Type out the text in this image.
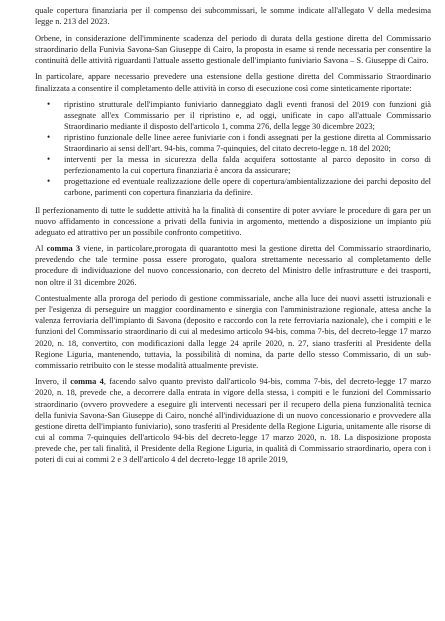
quale copertura finanziaria per il compenso dei subcommissari, le somme indicate all'allegato V della medesima legge n. 213 del 2023.

Orbene, in considerazione dell'imminente scadenza del periodo di durata della gestione diretta del Commissario straordinario della Funivia Savona-San Giuseppe di Cairo, la proposta in esame si rende necessaria per consentire la continuità delle attività riguardanti l'attuale assetto gestionale dell'impianto funiviario Savona – S. Giuseppe di Cairo.

In particolare, appare necessario prevedere una estensione della gestione diretta del Commissario Straordinario finalizzata a consentire il completamento delle attività in corso di esecuzione così come sinteticamente riportate:

• ripristino strutturale dell'impianto funiviario danneggiato dagli eventi franosi del 2019 con funzioni già assegnate all'ex Commissario per il ripristino e, ad oggi, unificate in capo all'attuale Commissario Straordinario mediante il disposto dell'articolo 1, comma 276, della legge 30 dicembre 2023;
• ripristino funzionale delle linee aeree funiviarie con i fondi assegnati per la gestione diretta al Commissario Straordinario ai sensi dell'art. 94-bis, comma 7-quinquies, del citato decreto-legge n. 18 del 2020;
• interventi per la messa in sicurezza della falda acquifera sottostante al parco deposito in corso di perfezionamento la cui copertura finanziaria è ancora da assicurare;
• progettazione ed eventuale realizzazione delle opere di copertura/ambientalizzazione dei parchi deposito del carbone, parimenti con copertura finanziaria da definire.

Il perfezionamento di tutte le suddette attività ha la finalità di consentire di poter avviare le procedure di gara per un nuovo affidamento in concessione a privati della funivia in argomento, mettendo a disposizione un impianto più adeguato ed attrattivo per un possibile confronto competitivo.

Al comma 3 viene, in particolare,prorogata di quarantotto mesi la gestione diretta del Commissario straordinario, prevedendo che tale termine possa essere prorogato, qualora strettamente necessario al completamento delle procedure di individuazione del nuovo concessionario, con decreto del Ministro delle infrastrutture e dei trasporti, non oltre il 31 dicembre 2026.

Contestualmente alla proroga del periodo di gestione commissariale, anche alla luce dei nuovi assetti istruzionali e per l'esigenza di perseguire un maggior coordinamento e sinergia con l'amministrazione regionale, attesa anche la valenza ferroviaria dell'impianto di Savona (deposito e raccordo con la rete ferroviaria nazionale), che i compiti e le funzioni del Commissario straordinario di cui al medesimo articolo 94-bis, comma 7-bis, del decreto-legge 17 marzo 2020, n. 18, convertito, con modificazioni dalla legge 24 aprile 2020, n. 27, siano trasferiti al Presidente della Regione Liguria, mantenendo, tuttavia, la possibilità di nomina, da parte dello stesso Commissario, di un sub-commissario retribuito con le stesse modalità attualmente previste.

Invero, il comma 4, facendo salvo quanto previsto dall'articolo 94-bis, comma 7-bis, del decreto-legge 17 marzo 2020, n. 18, prevede che, a decorrere dalla entrata in vigore della stessa, i compiti e le funzioni del Commissario straordinario (ovvero provvedere a eseguire gli interventi necessari per il recupero della piena funzionalità tecnica della funivia Savona-San Giuseppe di Cairo, nonché all'individuazione di un nuovo concessionario e provvedere alla gestione diretta dell'impianto funiviario), sono trasferiti al Presidente della Regione Liguria, unitamente alle risorse di cui al comma 7-quinquies dell'articolo 94-bis del decreto-legge 17 marzo 2020, n. 18. La disposizione proposta prevede che, per tali finalità, il Presidente della Regione Liguria, in qualità di Commissario straordinario, opera con i poteri di cui ai commi 2 e 3 dell'articolo 4 del decreto-legge 18 aprile 2019,
